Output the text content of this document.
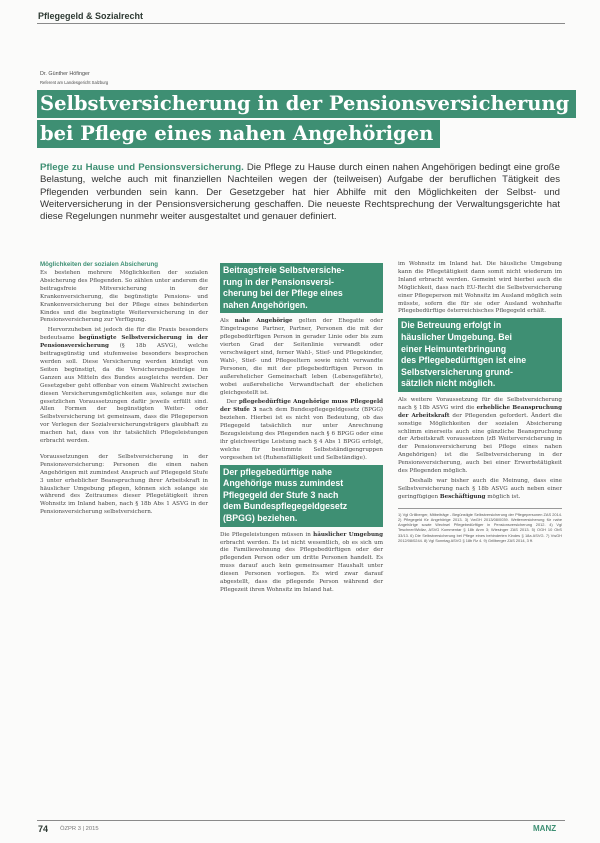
Pflegegeld & Sozialrecht
Dr. Günther Höfinger
Referent am Landesgericht Salzburg
Selbstversicherung in der Pensionsversicherung
bei Pflege eines nahen Angehörigen
Pflege zu Hause und Pensionsversicherung. Die Pflege zu Hause durch einen nahen Angehörigen bedingt eine große Belastung, welche auch mit finanziellen Nachteilen wegen der (teilweisen) Aufgabe der beruflichen Tätigkeit des Pflegenden verbunden sein kann. Der Gesetzgeber hat hier Abhilfe mit den Möglichkeiten der Selbst- und Weiterversicherung in der Pensionsversicherung geschaffen. Die neueste Rechtsprechung der Verwaltungsgerichte hat diese Regelungen nunmehr weiter ausgestaltet und genauer definiert.

Möglichkeiten der sozialen Absicherung

Es bestehen mehrere Möglichkeiten der sozialen Absicherung des Pflegenden. So zählen unter anderem die beitragsfreie Mitversicherung in der Krankenversicherung, die begünstigte Pensions- und Krankenversicherung bei der Pflege eines behinderten Kindes und die begünstigte Weiterversicherung in der Pensionsversicherung zur Verfügung.

Hervorzuheben ist jedoch die für die Praxis besonders bedeutsame begünstigte Selbstversicherung in der Pensionsversicherung (§ 18b ASVG), welche beitragsgünstig und stufenweise besonders besprochen werden soll. Diese Versicherung werden kündigt von Seiten begünstigt, da die Versicherungsbeiträge im Ganzen aus Mitteln des Bundes ausgleichs werden. Der Gesetzgeber geht offenbar von einem Wahlrecht zwischen diesen Versicherungsmöglichkeiten aus, solange nur die gesetzlichen Voraussetzungen dafür jeweils erfüllt sind. Allen Formen der begünstigten Weiter- oder Selbstversicherung ist gemeinsam, dass die Pflegeperson vor Verlegen der Sozialversicherungsträgers glaubhaft zu machen hat, dass von ihr tatsächlich Pflegeleistungen erbracht werden.

Voraussetzungen der Selbstversicherung in der Pensionsversicherung: Personen die einen nahen Angehörigen mit zumindest Anspruch auf Pflegegeld Stufe 3 unter erheblicher Beanspruchung ihrer Arbeitskraft in häuslicher Umgebung pflegen, können sich solange sie während des Zeitraumes dieser Pflegetätigkeit ihren Wohnsitz im Inland haben, nach § 18b Abs 1 ASVG in der Pensionsversicherung selbstversichern.

Beitragsfreie Selbstversiche-
rung in der Pensionsversi-
cherung bei der Pflege eines
nahen Angehörigen.

Als nahe Angehörige gelten der Ehegatte oder Eingetragene Partner, Partner, Personen die mit der pflegebedürftigen Person in gerader Linie oder bis zum vierten Grad der Seitenlinie verwandt oder verschwägert sind, ferner Wahl-, Stief- und Pflegekinder, Wahl-, Stief- und Pflegeeltern sowie nicht verwandte Personen, die mit der pflegebedürftigen Person in außerehelicher Gemeinschaft leben (Lebensgefährte), wobei außereheliche Verwandtschaft der ehelichen gleichgestellt ist.

Der pflegebedürftige Angehörige muss Pflegegeld der Stufe 3 nach dem Bundespflegegeldgesetz (BPGG) beziehen. Hierbei ist es nicht von Bedeutung, ob das Pflegegeld tatsächlich nur unter Anrechnung Bezugsleistung des Pflegenden nach § 6 BPGG oder eine ihr gleichwertige Leistung nach § 4 Abs 1 BPGG erfolgt, welche für bestimmte Selbstständigengruppen vorgesehen ist (Ruhensfälligkeit und Selbständige).

Der pflegebedürftige nahe
Angehörige muss zumindest
Pflegegeld der Stufe 3 nach
dem Bundespflegegeldgesetz
(BPGG) beziehen.

Die Pflegeleistungen müssen in häuslicher Umgebung erbracht werden. Es ist nicht wesentlich, ob es sich um die Familiewohnung des Pflegebedürftigen oder der pflegenden Person oder um dritte Personen handelt. Es muss darauf auch kein gemeinsamer Haushalt unter diesen Personen vorliegen. Es wird zwar darauf abgestellt, dass die pflegende Person während der Pflegezeit ihren Wohnsitz im Inland hat.

im Wohnsitz im Inland hat. Die häusliche Umgebung kann die Pflegetätigkeit dann somit nicht wiederum im Inland erbracht werden. Gemeint wird hierbei auch die Möglichkeit, dass nach EU-Recht die Selbstversicherung einer Pflegeperson mit Wohnsitz im Ausland möglich sein müsste, sofern die für sie oder Ausland wohnhafte Pflegebedürftige österreichisches Pflegegeld erhält.

Die Betreuung erfolgt in
häuslicher Umgebung. Bei
einer Heimunterbringung
des Pflegebedürftigen ist eine
Selbstversicherung grund-
sätzlich nicht möglich.

Als weitere Voraussetzung für die Selbstversicherung nach § 18b ASVG wird die erhebliche Beanspruchung der Arbeitskraft der Pflegenden gefordert. Ändert die sonstige Möglichkeiten der sozialen Absicherung schlimm einerseits auch eine gänzliche Beanspruchung der Arbeitskraft voraussetzen (zB Weiterversicherung in der Pensionsversicherung bei Pflege eines nahen Angehörigen) ist die Selbstversicherung in der Pensionsversicherung, auch bei einer Erwerbstätigkeit des Pflegenden möglich.

Deshalb war bisher auch die Meinung, dass eine Selbstversicherung nach § 18b ASVG auch neben einer geringfügigen Beschäftigung möglich ist.

1) Vgl Grillberger, Mitbeiträge - Begünstigte Selbstversicherung der Pflegepersonen ZAS 2014. 2) Pflegegeld für Angehörige 2013. 3) VwGH 2013/08/0039. Weiterversicherung für nahe Angehörige sowie Wechsel Pflegebedürftiger in Pensionsversicherung 2012. 4) Vgl Teschner/Widlar, ASVG Kommentar § 18b Anm 3; Wiesinger ZAS 2013. 5) OGH 10 ObS 33/13. 6) Die Selbstversicherung bei Pflege eines behinderten Kindes § 18a ASVG. 7) VwGH 2012/08/0244. 8) Vgl Sonntag ASVG § 18b Rz 4. 9) Grillberger ZAS 2014, 3 ff.
74 ÖZPR 3 | 2015	MANZ
